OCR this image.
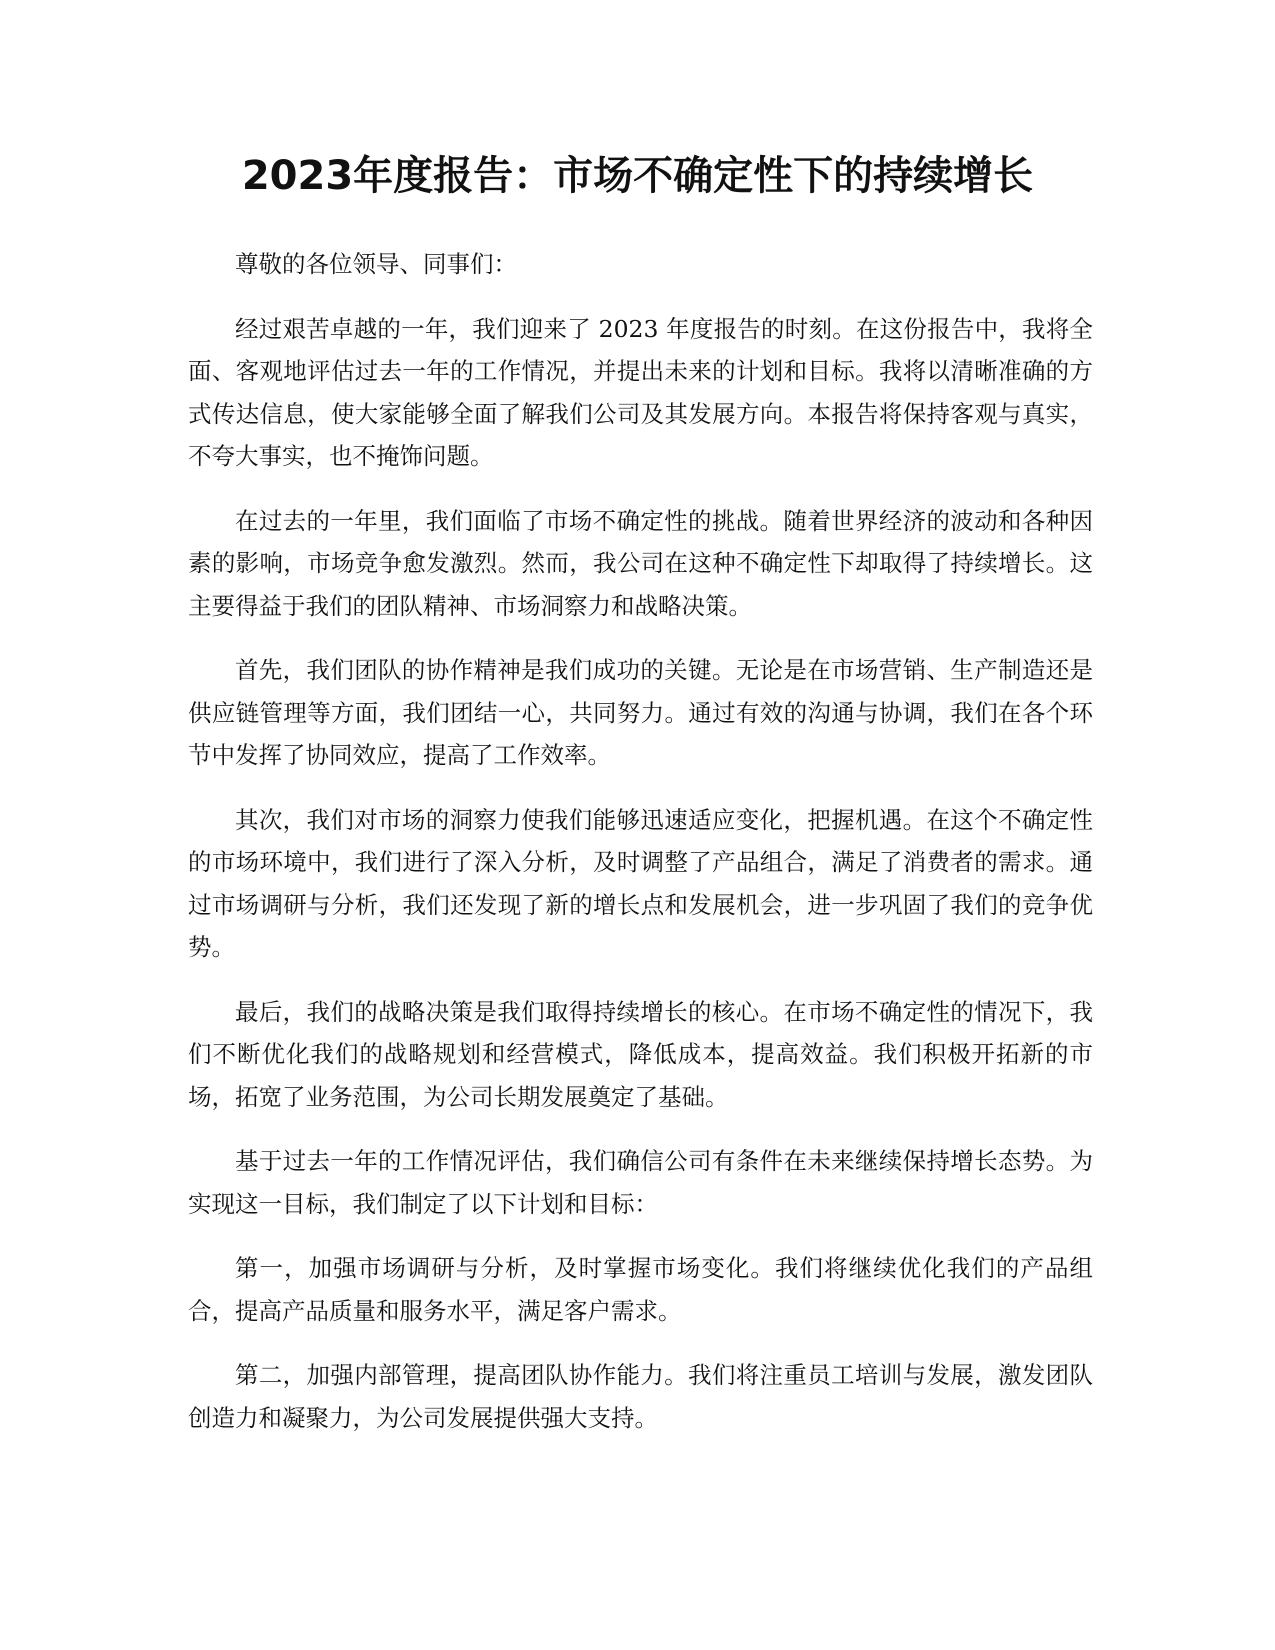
2023年度报告：市场不确定性下的持续增长

尊敬的各位领导、同事们：

经过艰苦卓越的一年，我们迎来了 2023 年度报告的时刻。在这份报告中，我将全面、客观地评估过去一年的工作情况，并提出未来的计划和目标。我将以清晰准确的方式传达信息，使大家能够全面了解我们公司及其发展方向。本报告将保持客观与真实，不夸大事实，也不掩饰问题。

在过去的一年里，我们面临了市场不确定性的挑战。随着世界经济的波动和各种因素的影响，市场竞争愈发激烈。然而，我公司在这种不确定性下却取得了持续增长。这主要得益于我们的团队精神、市场洞察力和战略决策。

首先，我们团队的协作精神是我们成功的关键。无论是在市场营销、生产制造还是供应链管理等方面，我们团结一心，共同努力。通过有效的沟通与协调，我们在各个环节中发挥了协同效应，提高了工作效率。

其次，我们对市场的洞察力使我们能够迅速适应变化，把握机遇。在这个不确定性的市场环境中，我们进行了深入分析，及时调整了产品组合，满足了消费者的需求。通过市场调研与分析，我们还发现了新的增长点和发展机会，进一步巩固了我们的竞争优势。

最后，我们的战略决策是我们取得持续增长的核心。在市场不确定性的情况下，我们不断优化我们的战略规划和经营模式，降低成本，提高效益。我们积极开拓新的市场，拓宽了业务范围，为公司长期发展奠定了基础。

基于过去一年的工作情况评估，我们确信公司有条件在未来继续保持增长态势。为实现这一目标，我们制定了以下计划和目标：

第一，加强市场调研与分析，及时掌握市场变化。我们将继续优化我们的产品组合，提高产品质量和服务水平，满足客户需求。

第二，加强内部管理，提高团队协作能力。我们将注重员工培训与发展，激发团队创造力和凝聚力，为公司发展提供强大支持。
